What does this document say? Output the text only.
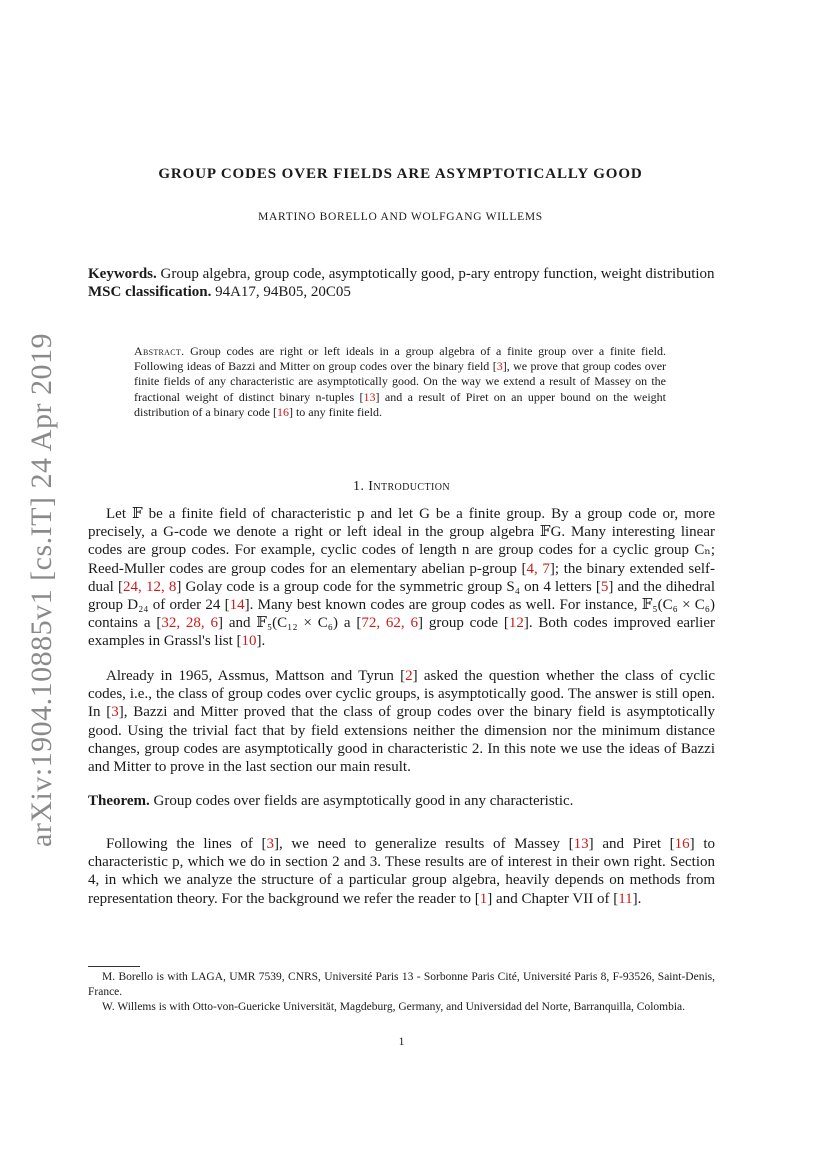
arXiv:1904.10885v1 [cs.IT] 24 Apr 2019
GROUP CODES OVER FIELDS ARE ASYMPTOTICALLY GOOD
MARTINO BORELLO AND WOLFGANG WILLEMS
Keywords. Group algebra, group code, asymptotically good, p-ary entropy function, weight distribution
MSC classification. 94A17, 94B05, 20C05
Abstract. Group codes are right or left ideals in a group algebra of a finite group over a finite field. Following ideas of Bazzi and Mitter on group codes over the binary field [3], we prove that group codes over finite fields of any characteristic are asymptotically good. On the way we extend a result of Massey on the fractional weight of distinct binary n-tuples [13] and a result of Piret on an upper bound on the weight distribution of a binary code [16] to any finite field.
1. Introduction
Let 𝔽 be a finite field of characteristic p and let G be a finite group. By a group code or, more precisely, a G-code we denote a right or left ideal in the group algebra 𝔽G. Many interesting linear codes are group codes. For example, cyclic codes of length n are group codes for a cyclic group Cₙ; Reed-Muller codes are group codes for an elementary abelian p-group [4, 7]; the binary extended self-dual [24, 12, 8] Golay code is a group code for the symmetric group S₄ on 4 letters [5] and the dihedral group D₂₄ of order 24 [14]. Many best known codes are group codes as well. For instance, 𝔽₅(C₆ × C₆) contains a [32, 28, 6] and 𝔽₅(C₁₂ × C₆) a [72, 62, 6] group code [12]. Both codes improved earlier examples in Grassl's list [10].
Already in 1965, Assmus, Mattson and Tyrun [2] asked the question whether the class of cyclic codes, i.e., the class of group codes over cyclic groups, is asymptotically good. The answer is still open. In [3], Bazzi and Mitter proved that the class of group codes over the binary field is asymptotically good. Using the trivial fact that by field extensions neither the dimension nor the minimum distance changes, group codes are asymptotically good in characteristic 2. In this note we use the ideas of Bazzi and Mitter to prove in the last section our main result.
Theorem. Group codes over fields are asymptotically good in any characteristic.
Following the lines of [3], we need to generalize results of Massey [13] and Piret [16] to characteristic p, which we do in section 2 and 3. These results are of interest in their own right. Section 4, in which we analyze the structure of a particular group algebra, heavily depends on methods from representation theory. For the background we refer the reader to [1] and Chapter VII of [11].

M. Borello is with LAGA, UMR 7539, CNRS, Université Paris 13 - Sorbonne Paris Cité, Université Paris 8, F-93526, Saint-Denis, France.

W. Willems is with Otto-von-Guericke Universität, Magdeburg, Germany, and Universidad del Norte, Barranquilla, Colombia.

1
